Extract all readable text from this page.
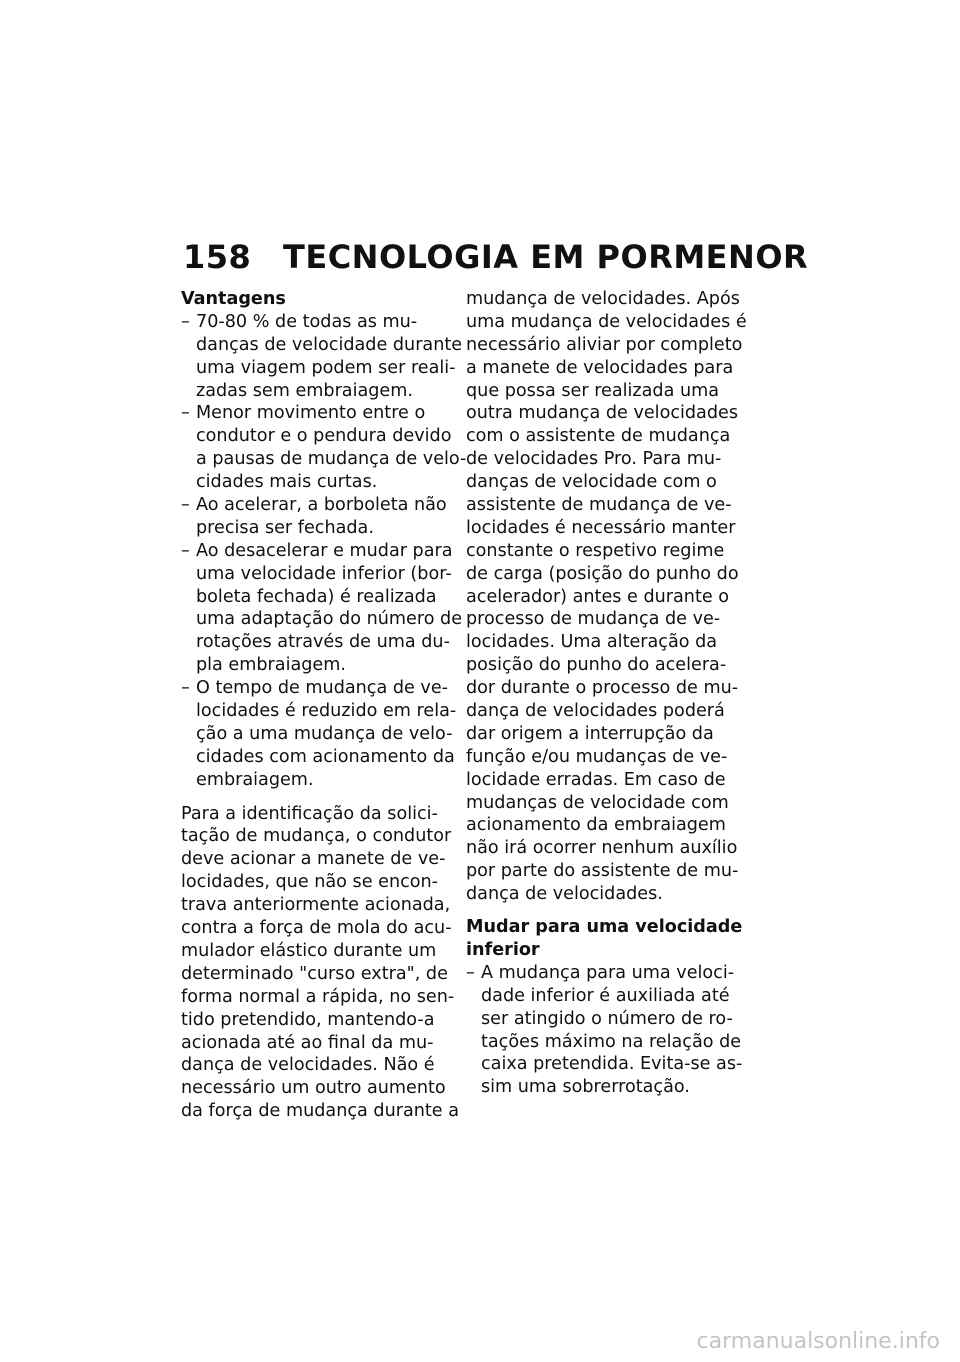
158 TECNOLOGIA EM PORMENOR
Vantagens
70-80 % de todas as mu-
–
danças de velocidade durante
uma viagem podem ser reali-
zadas sem embraiagem.
Menor movimento entre o
–
condutor e o pendura devido
a pausas de mudança de velo-
cidades mais curtas.
Ao acelerar, a borboleta não
–
precisa ser fechada.
Ao desacelerar e mudar para
–
uma velocidade inferior (bor-
boleta fechada) é realizada
uma adaptação do número de
rotações através de uma du-
pla embraiagem.
O tempo de mudança de ve-
–
locidades é reduzido em rela-
ção a uma mudança de velo-
cidades com acionamento da
embraiagem.
Para a identificação da solici-
tação de mudança, o condutor
deve acionar a manete de ve-
locidades, que não se encon-
trava anteriormente acionada,
contra a força de mola do acu-
mulador elástico durante um
determinado "curso extra", de
forma normal a rápida, no sen-
tido pretendido, mantendo-a
acionada até ao final da mu-
dança de velocidades. Não é
necessário um outro aumento
da força de mudança durante a
mudança de velocidades. Após
uma mudança de velocidades é
necessário aliviar por completo
a manete de velocidades para
que possa ser realizada uma
outra mudança de velocidades
com o assistente de mudança
de velocidades Pro. Para mu-
danças de velocidade com o
assistente de mudança de ve-
locidades é necessário manter
constante o respetivo regime
de carga (posição do punho do
acelerador) antes e durante o
processo de mudança de ve-
locidades. Uma alteração da
posição do punho do acelera-
dor durante o processo de mu-
dança de velocidades poderá
dar origem a interrupção da
função e/ou mudanças de ve-
locidade erradas. Em caso de
mudanças de velocidade com
acionamento da embraiagem
não irá ocorrer nenhum auxílio
por parte do assistente de mu-
dança de velocidades.
Mudar para uma velocidade
inferior
A mudança para uma veloci-
–
dade inferior é auxiliada até
ser atingido o número de ro-
tações máximo na relação de
caixa pretendida. Evita-se as-
sim uma sobrerrotação.
carmanualsonline.info
